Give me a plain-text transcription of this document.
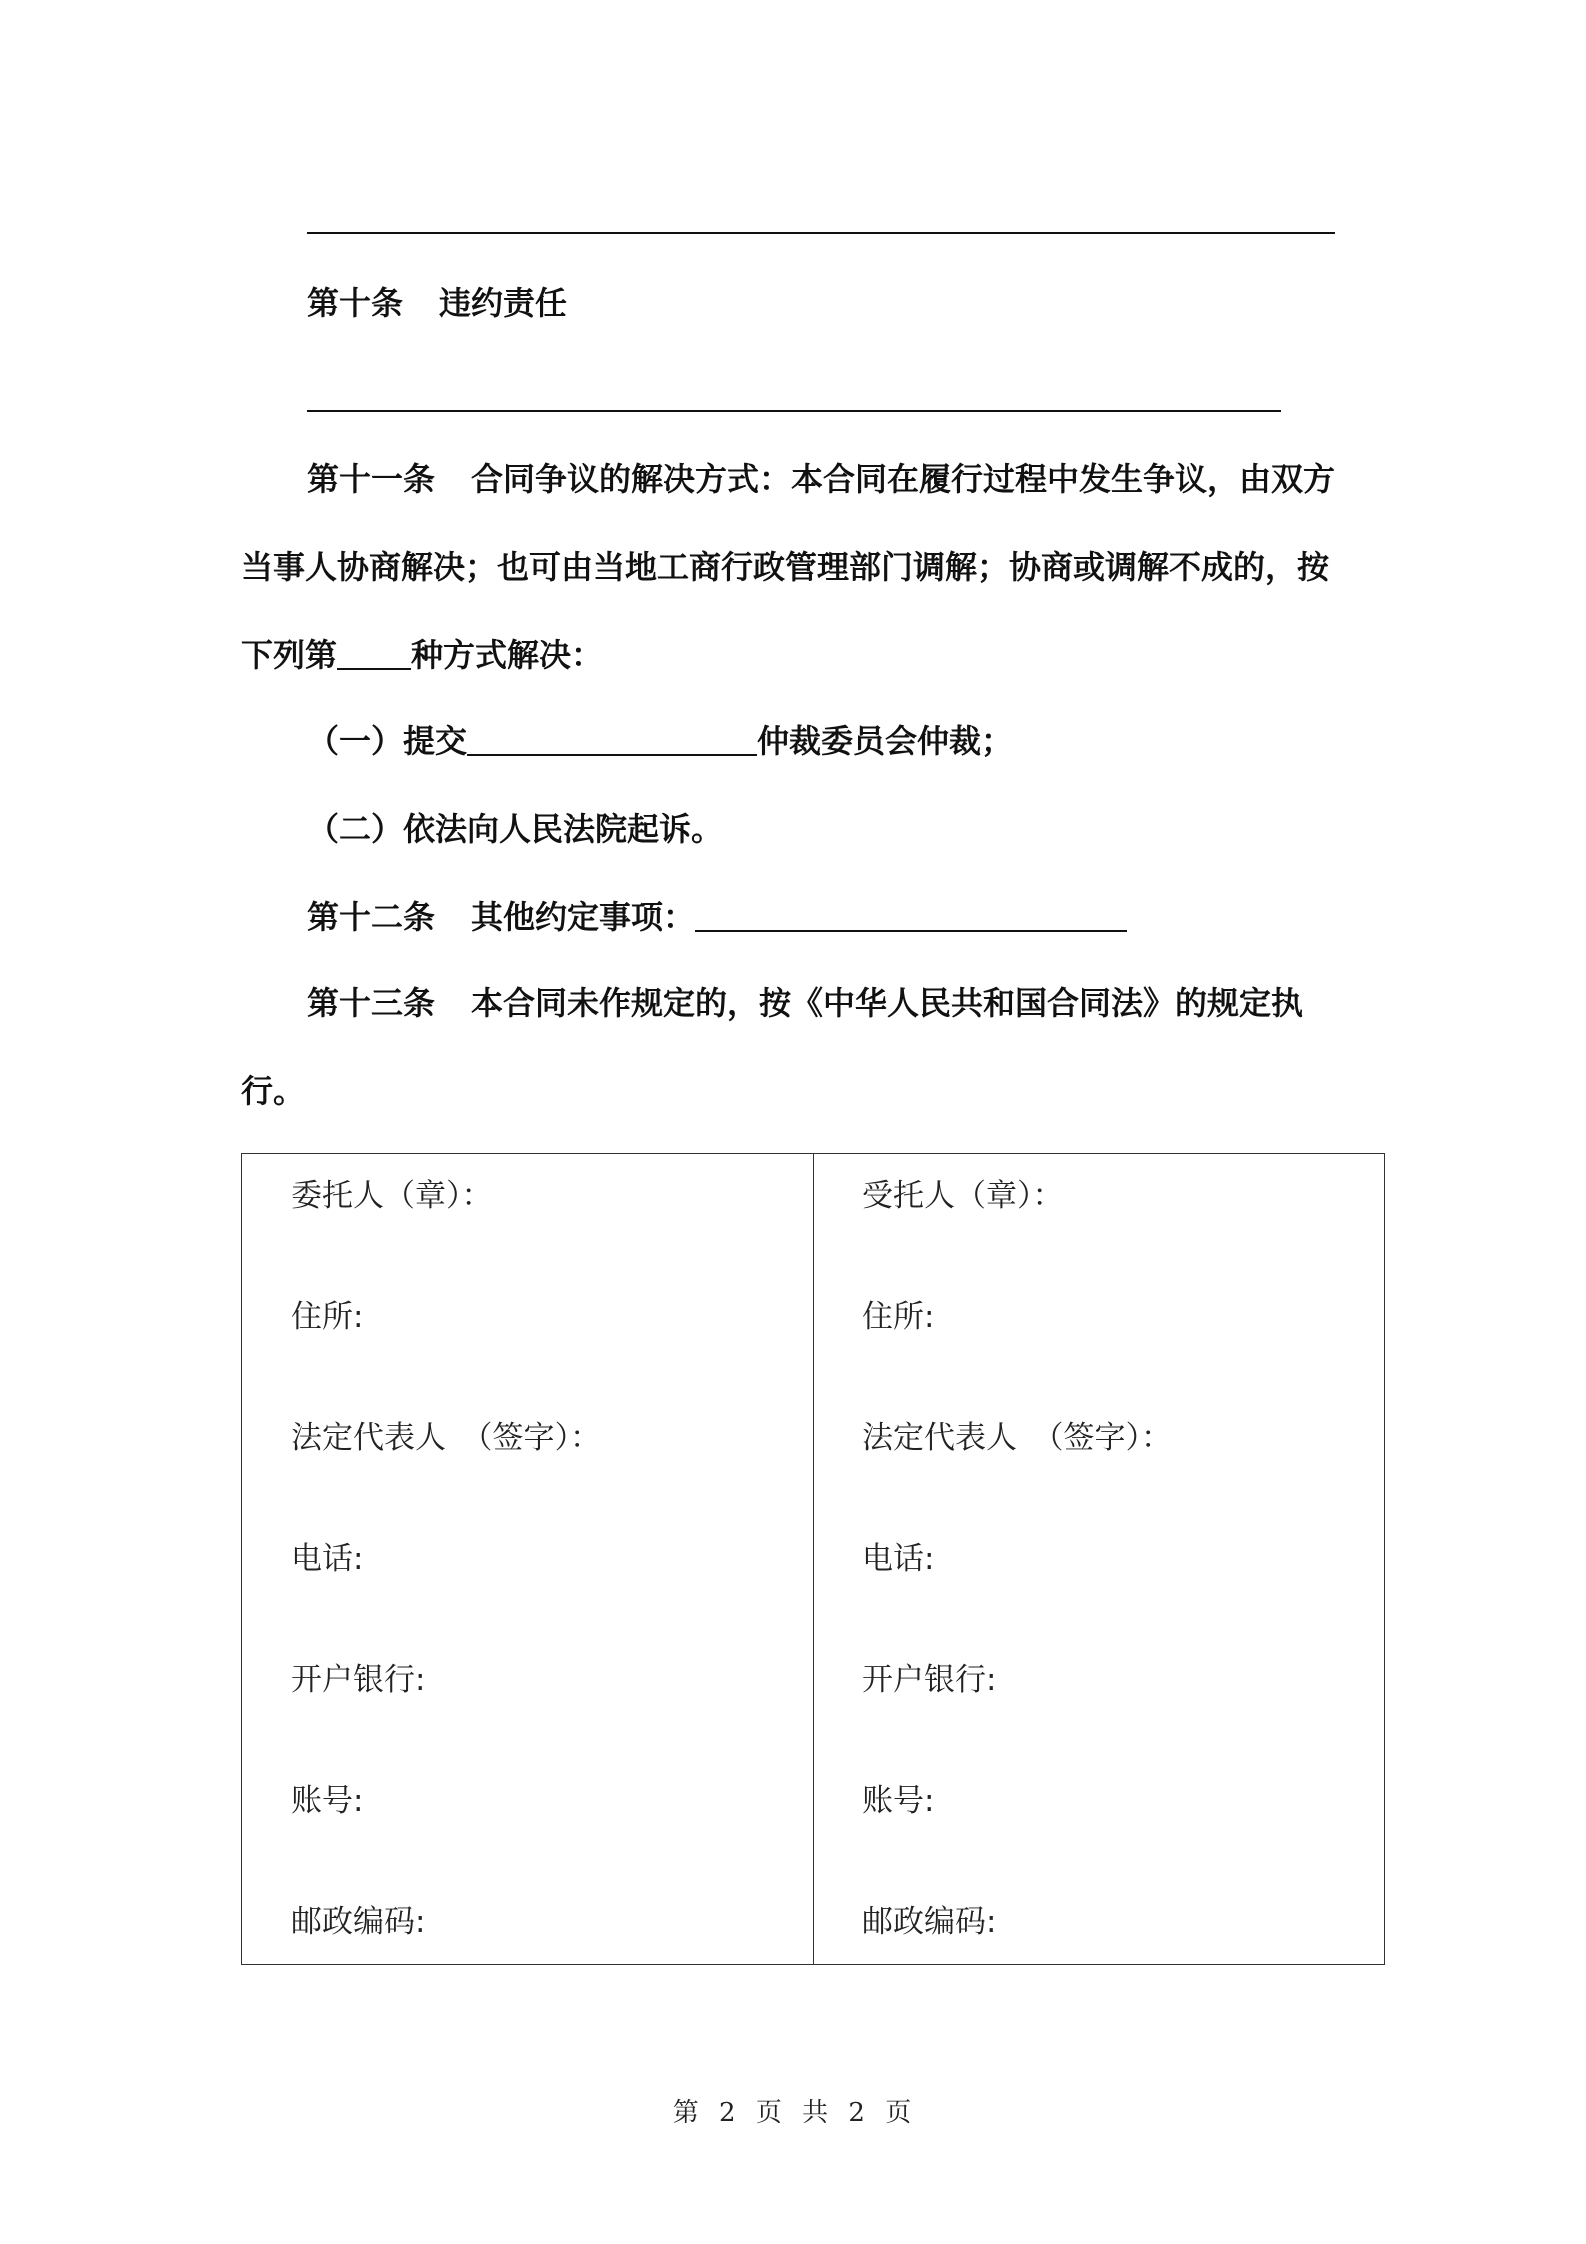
第十条 违约责任
第十一条 合同争议的解决方式：本合同在履行过程中发生争议，由双方
当事人协商解决；也可由当地工商行政管理部门调解；协商或调解不成的，按
下列第 种方式解决：
（一）提交	仲裁委员会仲裁；
（二）依法向人民法院起诉。
第十二条 其他约定事项：
第十三条 本合同未作规定的，按《中华人民共和国合同法》的规定执
行。
委托人（章）：
住所:
法定代表人　（签字）：
电话:
开户银行:
账号:
邮政编码:
受托人（章）：
住所:
法定代表人　（签字）：
电话:
开户银行:
账号:
邮政编码:
第 2 页 共 2 页
